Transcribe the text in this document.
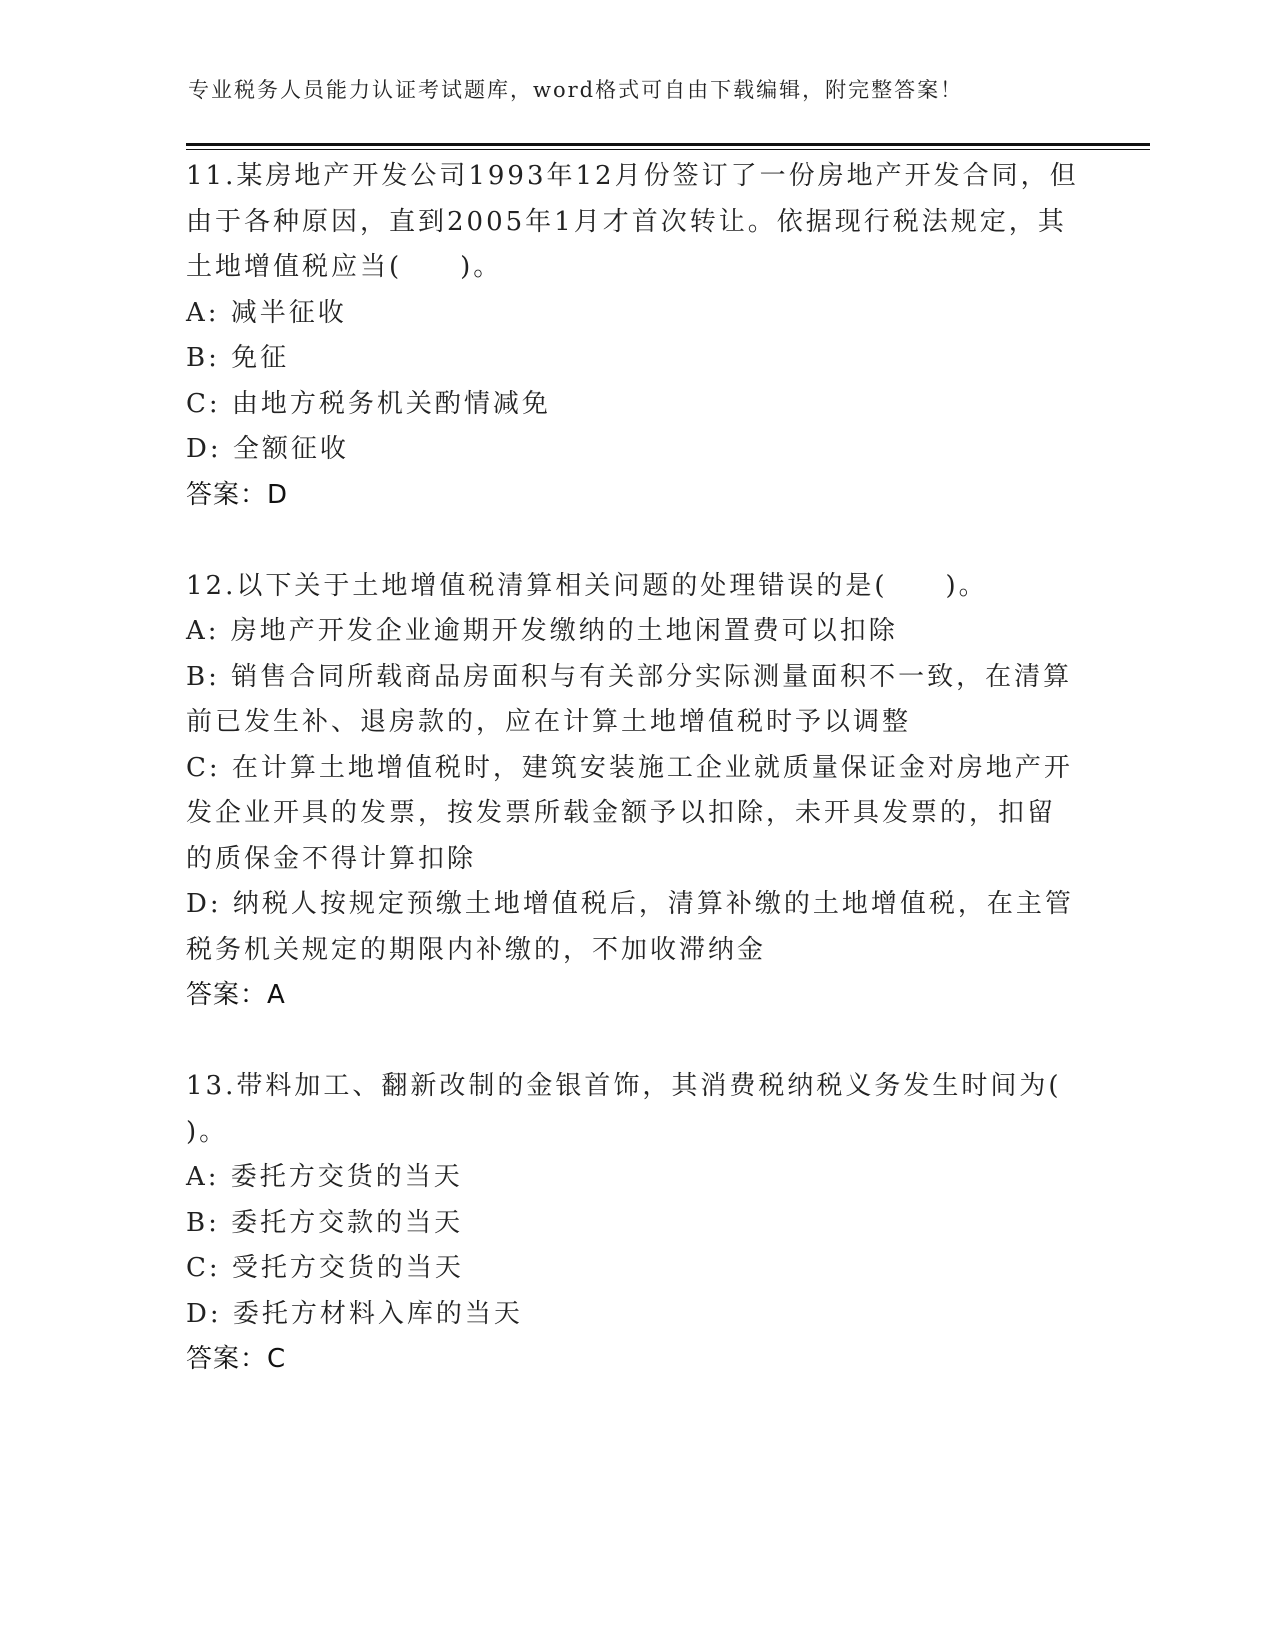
专业税务人员能力认证考试题库，word格式可自由下载编辑，附完整答案！
11.某房地产开发公司1993年12月份签订了一份房地产开发合同，但
由于各种原因，直到2005年1月才首次转让。依据现行税法规定，其
土地增值税应当(　　)。
A: 减半征收
B: 免征
C: 由地方税务机关酌情减免
D: 全额征收
答案：D
12.以下关于土地增值税清算相关问题的处理错误的是(　　)。
A: 房地产开发企业逾期开发缴纳的土地闲置费可以扣除
B: 销售合同所载商品房面积与有关部分实际测量面积不一致，在清算
前已发生补、退房款的，应在计算土地增值税时予以调整
C: 在计算土地增值税时，建筑安装施工企业就质量保证金对房地产开
发企业开具的发票，按发票所载金额予以扣除，未开具发票的，扣留
的质保金不得计算扣除
D: 纳税人按规定预缴土地增值税后，清算补缴的土地增值税，在主管
税务机关规定的期限内补缴的，不加收滞纳金
答案：A
13.带料加工、翻新改制的金银首饰，其消费税纳税义务发生时间为(
)。
A: 委托方交货的当天
B: 委托方交款的当天
C: 受托方交货的当天
D: 委托方材料入库的当天
答案：C
